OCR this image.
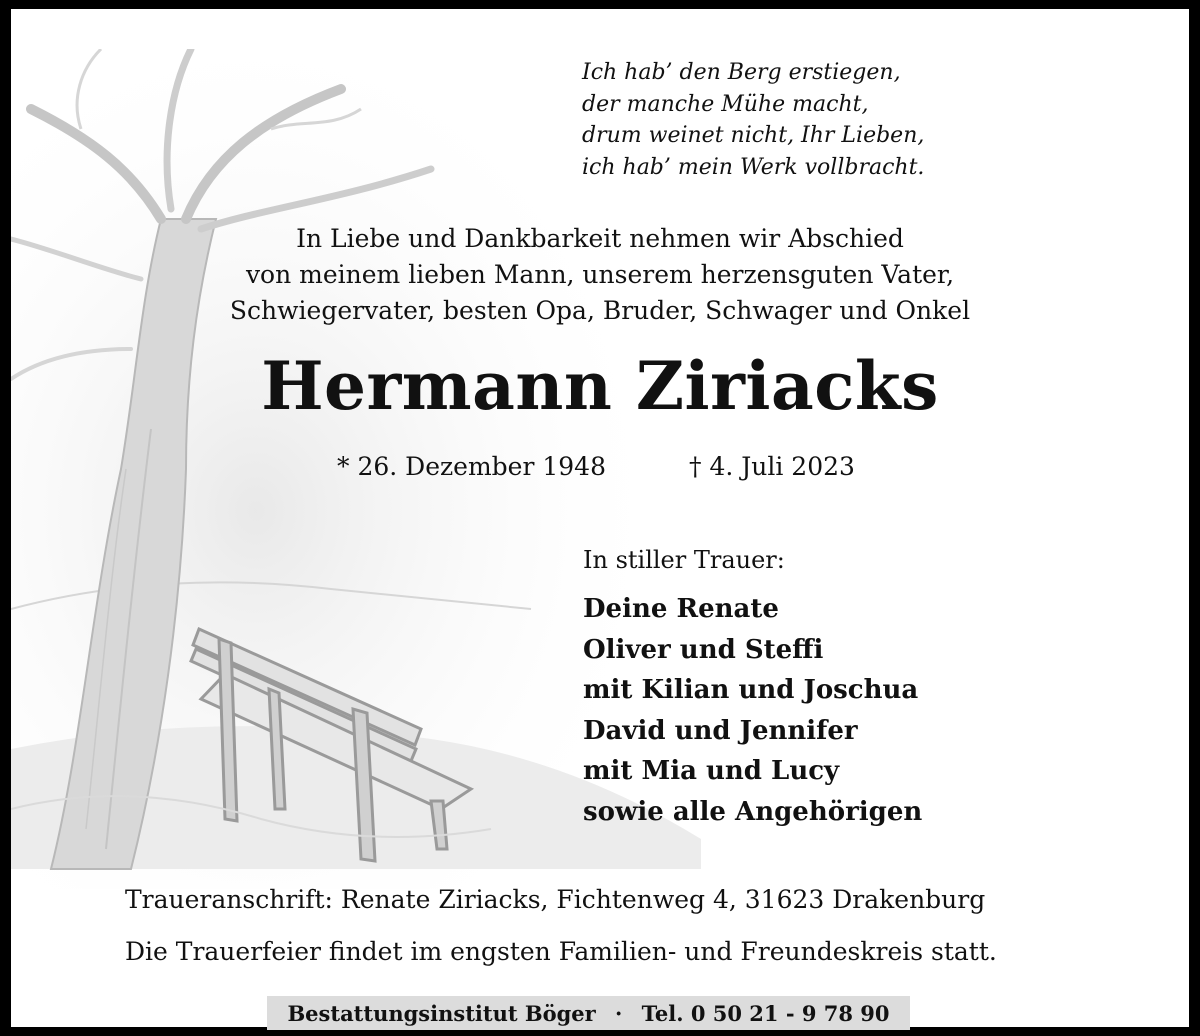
Ich hab’ den Berg erstiegen,
der manche Mühe macht,
drum weinet nicht, Ihr Lieben,
ich hab’ mein Werk vollbracht.
In Liebe und Dankbarkeit nehmen wir Abschied
von meinem lieben Mann, unserem herzensguten Vater,
Schwiegervater, besten Opa, Bruder, Schwager und Onkel
Hermann Ziriacks
* 26. Dezember 1948	† 4. Juli 2023
In stiller Trauer:
Deine Renate
Oliver und Steffi
mit Kilian und Joschua
David und Jennifer
mit Mia und Lucy
sowie alle Angehörigen
Traueranschrift: Renate Ziriacks, Fichtenweg 4, 31623 Drakenburg
Die Trauerfeier findet im engsten Familien- und Freundeskreis statt.
Bestattungsinstitut Böger · Tel. 0 50 21 - 9 78 90
